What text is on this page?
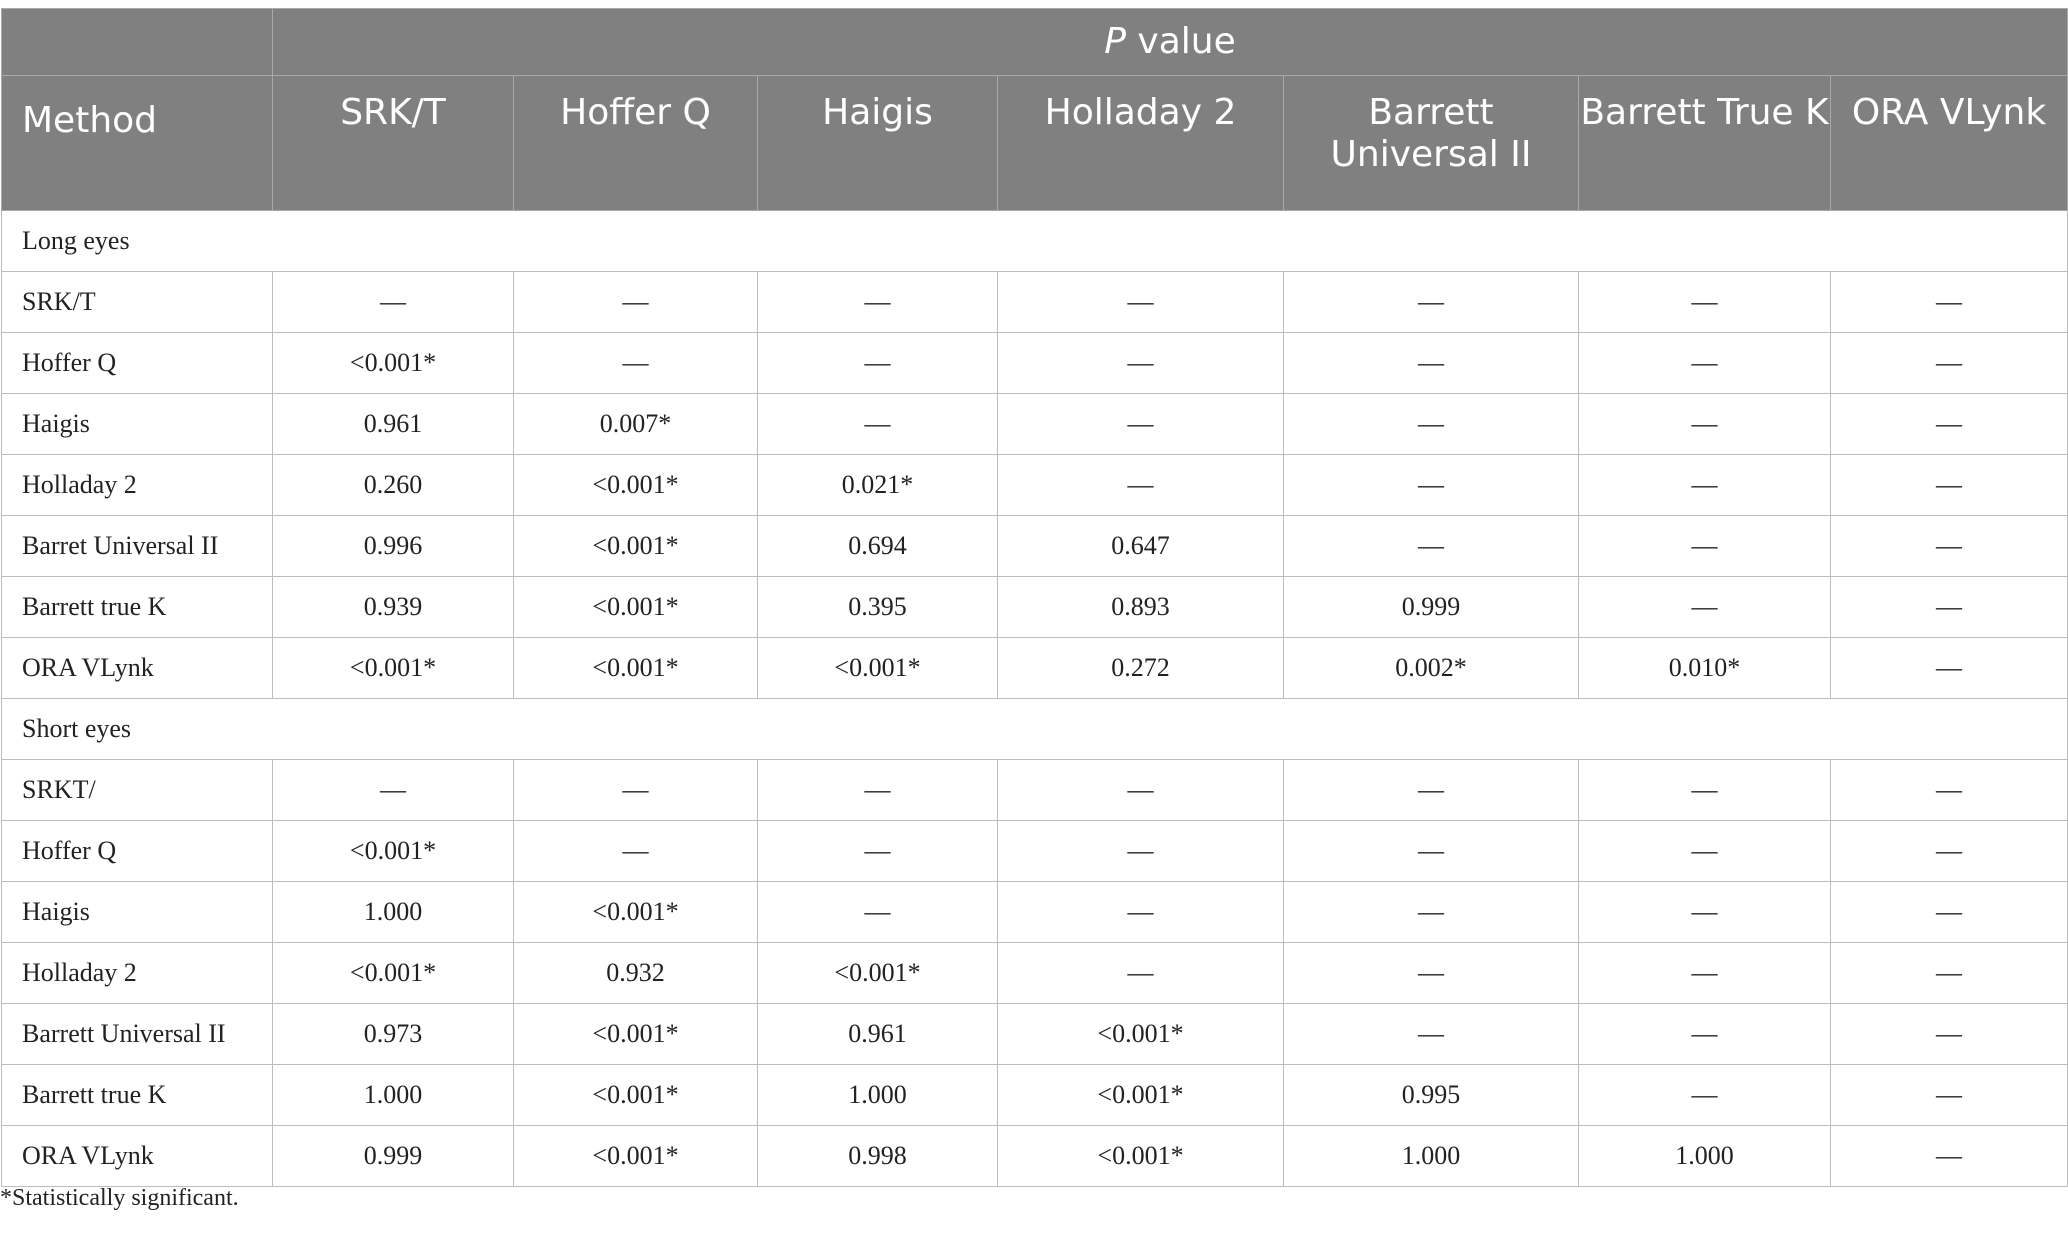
	P value						
Method	SRK/T	Hoffer Q	Haigis	Holladay 2	Barrett Universal II	Barrett True K	ORA VLynk
Long eyes							
SRK/T	—	—	—	—	—	—	—
Hoffer Q	<0.001*	—	—	—	—	—	—
Haigis	0.961	0.007*	—	—	—	—	—
Holladay 2	0.260	<0.001*	0.021*	—	—	—	—
Barret Universal II	0.996	<0.001*	0.694	0.647	—	—	—
Barrett true K	0.939	<0.001*	0.395	0.893	0.999	—	—
ORA VLynk	<0.001*	<0.001*	<0.001*	0.272	0.002*	0.010*	—
Short eyes							
SRKT/	—	—	—	—	—	—	—
Hoffer Q	<0.001*	—	—	—	—	—	—
Haigis	1.000	<0.001*	—	—	—	—	—
Holladay 2	<0.001*	0.932	<0.001*	—	—	—	—
Barrett Universal II	0.973	<0.001*	0.961	<0.001*	—	—	—
Barrett true K	1.000	<0.001*	1.000	<0.001*	0.995	—	—
ORA VLynk	0.999	<0.001*	0.998	<0.001*	1.000	1.000	—
*Statistically significant.
